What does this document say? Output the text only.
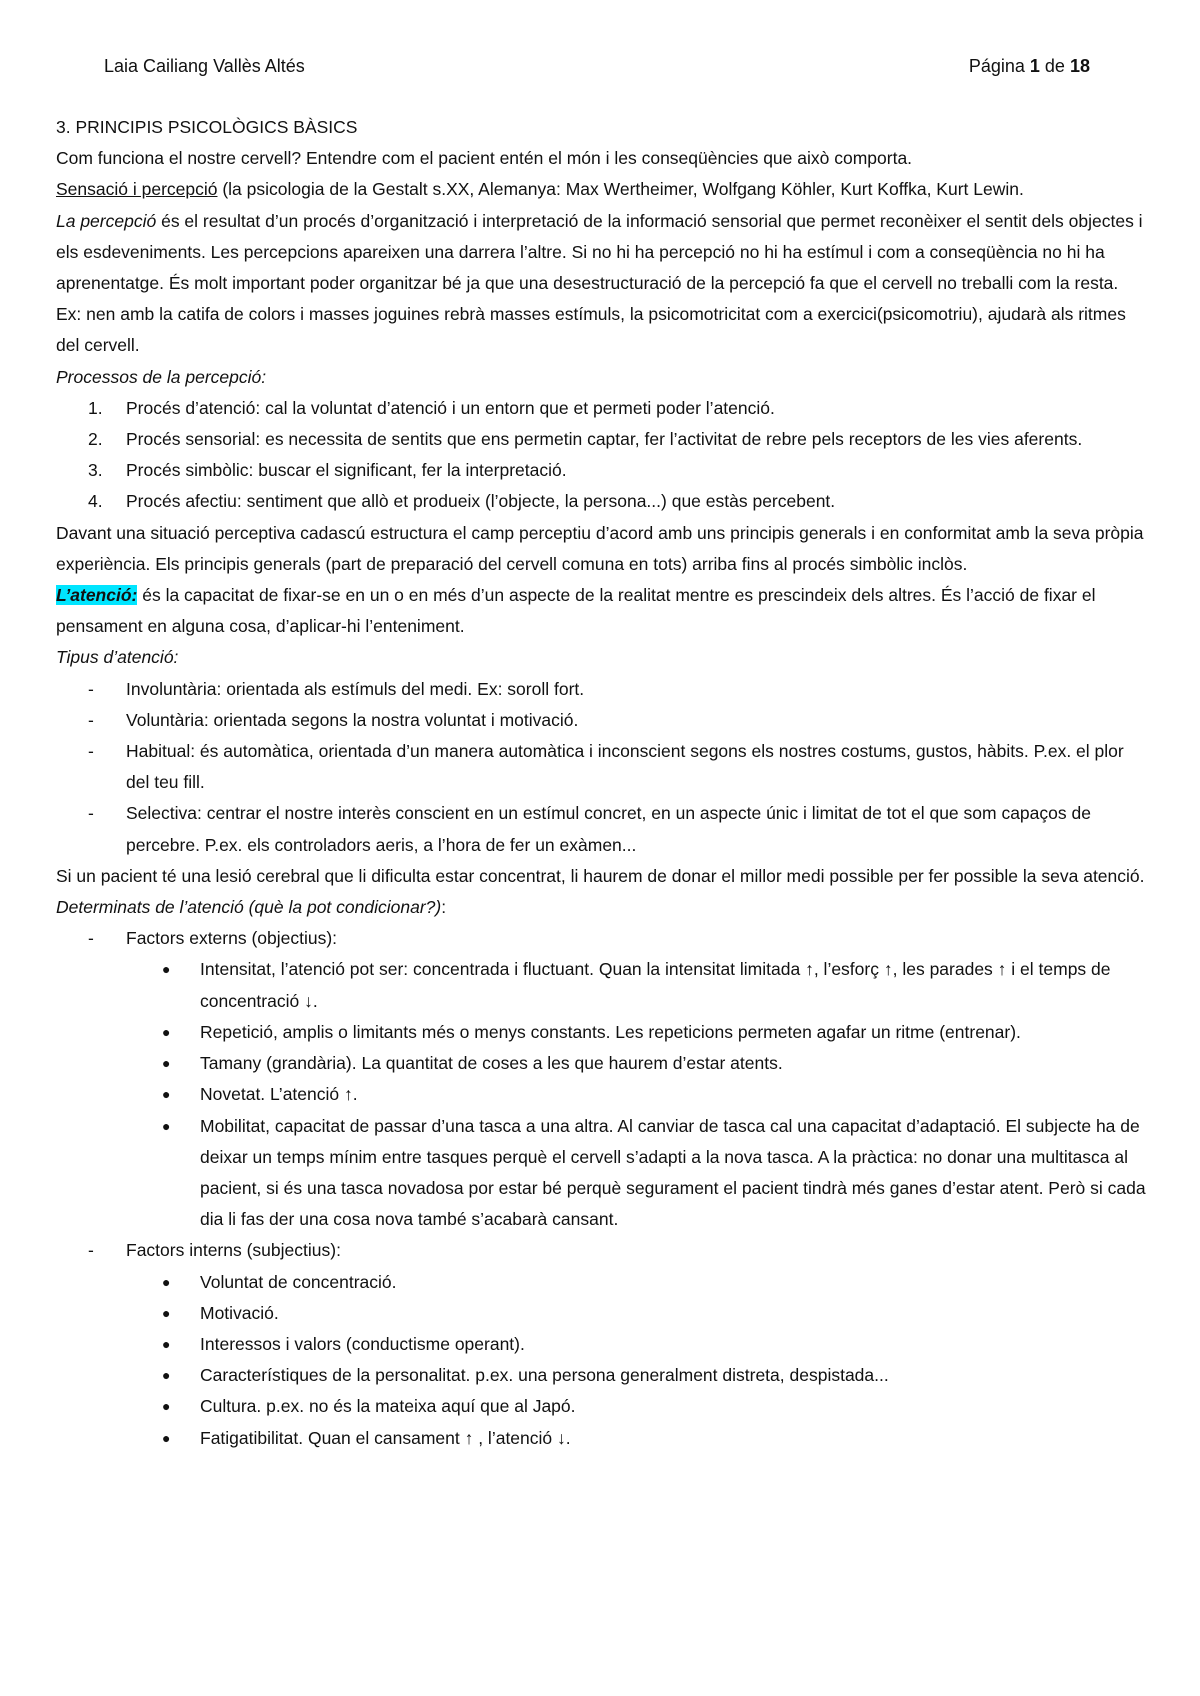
Laia Cailiang Vallès Altés	Página 1 de 18

3. PRINCIPIS PSICOLÒGICS BÀSICS

Com funciona el nostre cervell? Entendre com el pacient entén el món i les conseqüències que això comporta.

Sensació i percepció (la psicologia de la Gestalt s.XX, Alemanya: Max Wertheimer, Wolfgang Köhler, Kurt Koffka, Kurt Lewin.

La percepció és el resultat d’un procés d’organització i interpretació de la informació sensorial que permet reconèixer el sentit dels objectes i els esdeveniments. Les percepcions apareixen una darrera l’altre. Si no hi ha percepció no hi ha estímul i com a conseqüència no hi ha aprenentatge. És molt important poder organitzar bé ja que una desestructuració de la percepció fa que el cervell no treballi com la resta. Ex: nen amb la catifa de colors i masses joguines rebrà masses estímuls, la psicomotricitat com a exercici(psicomotriu), ajudarà als ritmes del cervell.

Processos de la percepció:

1. Procés d’atenció: cal la voluntat d’atenció i un entorn que et permeti poder l’atenció.
2. Procés sensorial: es necessita de sentits que ens permetin captar, fer l’activitat de rebre pels receptors de les vies aferents.
3. Procés simbòlic: buscar el significant, fer la interpretació.
4. Procés afectiu: sentiment que allò et produeix (l’objecte, la persona...) que estàs percebent.

Davant una situació perceptiva cadascú estructura el camp perceptiu d’acord amb uns principis generals i en conformitat amb la seva pròpia experiència. Els principis generals (part de preparació del cervell comuna en tots) arriba fins al procés simbòlic inclòs.

L’atenció: és la capacitat de fixar-se en un o en més d’un aspecte de la realitat mentre es prescindeix dels altres. És l’acció de fixar el pensament en alguna cosa, d’aplicar-hi l’enteniment.

Tipus d’atenció:

- Involuntària: orientada als estímuls del medi. Ex: soroll fort.
- Voluntària: orientada segons la nostra voluntat i motivació.
- Habitual: és automàtica, orientada d’un manera automàtica i inconscient segons els nostres costums, gustos, hàbits. P.ex. el plor del teu fill.
- Selectiva: centrar el nostre interès conscient en un estímul concret, en un aspecte únic i limitat de tot el que som capaços de percebre. P.ex. els controladors aeris, a l’hora de fer un exàmen...

Si un pacient té una lesió cerebral que li dificulta estar concentrat, li haurem de donar el millor medi possible per fer possible la seva atenció.

Determinats de l’atenció (què la pot condicionar?):

- Factors externs (objectius):
● Intensitat, l’atenció pot ser: concentrada i fluctuant. Quan la intensitat limitada ↑, l’esforç ↑, les parades ↑ i el temps de concentració ↓.
● Repetició, amplis o limitants més o menys constants. Les repeticions permeten agafar un ritme (entrenar).
● Tamany (grandària). La quantitat de coses a les que haurem d’estar atents.
● Novetat. L’atenció ↑.
● Mobilitat, capacitat de passar d’una tasca a una altra. Al canviar de tasca cal una capacitat d’adaptació. El subjecte ha de deixar un temps mínim entre tasques perquè el cervell s’adapti a la nova tasca. A la pràctica: no donar una multitasca al pacient, si és una tasca novadosa por estar bé perquè segurament el pacient tindrà més ganes d’estar atent. Però si cada dia li fas der una cosa nova també s’acabarà cansant.
- Factors interns (subjectius):
● Voluntat de concentració.
● Motivació.
● Interessos i valors (conductisme operant).
● Característiques de la personalitat. p.ex. una persona generalment distreta, despistada...
● Cultura. p.ex. no és la mateixa aquí que al Japó.
● Fatigatibilitat. Quan el cansament ↑ , l’atenció ↓.
